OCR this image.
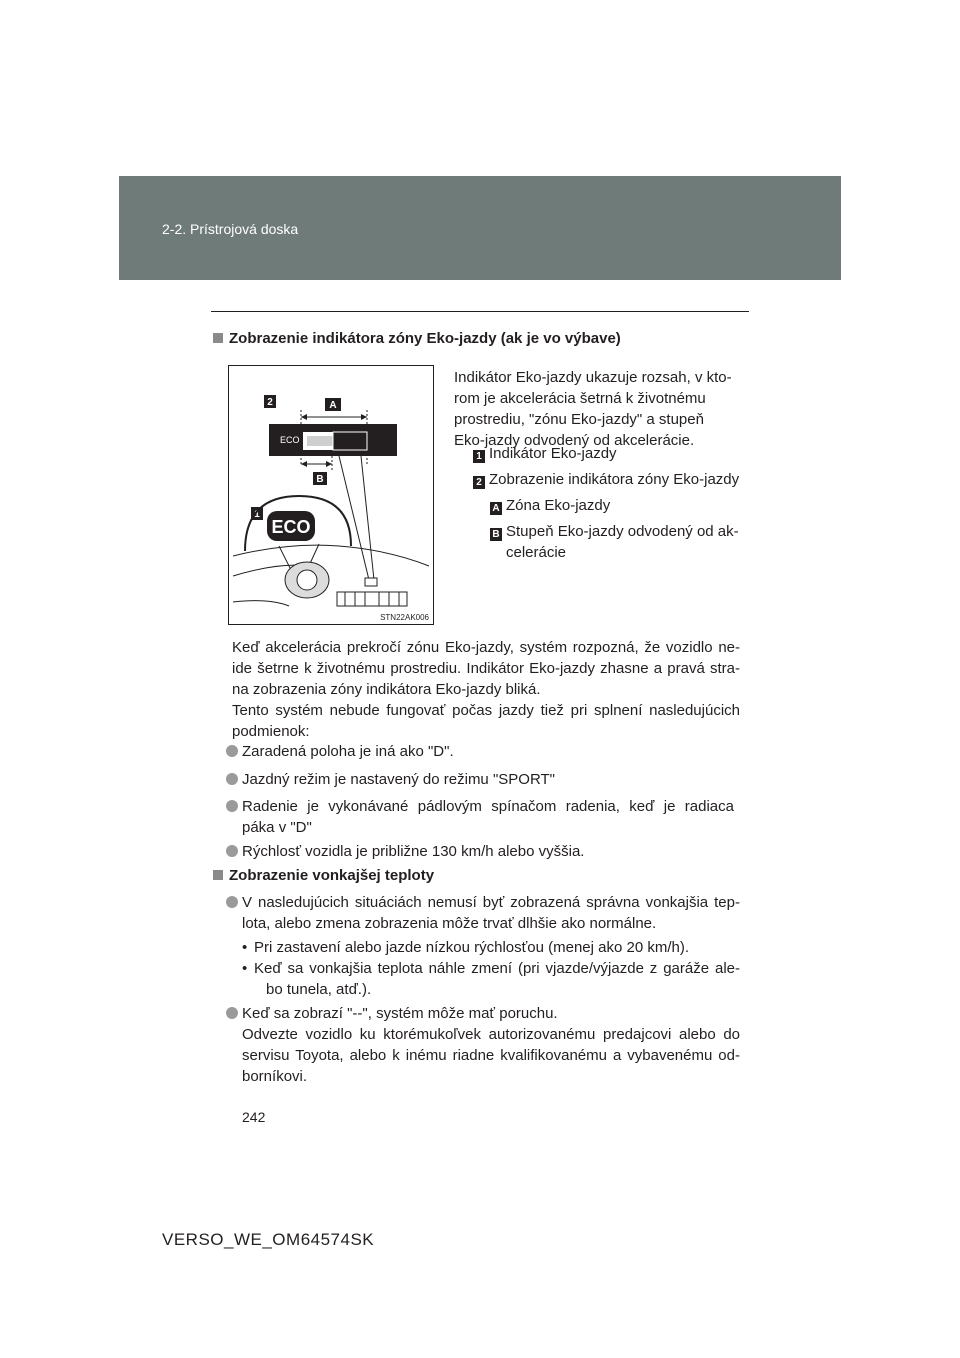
2-2. Prístrojová doska
Zobrazenie indikátora zóny Eko-jazdy (ak je vo výbave)
2	A
ECO
B
1
ECO
STN22AK006
Indikátor Eko-jazdy ukazuje rozsah, v kto-
rom je akcelerácia šetrná k životnému
prostrediu, "zónu Eko-jazdy" a stupeň
Eko-jazdy odvodený od akcelerácie.
1 Indikátor Eko-jazdy
2 Zobrazenie indikátora zóny Eko-jazdy
A Zóna Eko-jazdy
B Stupeň Eko-jazdy odvodený od ak-
celerácie
Keď akcelerácia prekročí zónu Eko-jazdy, systém rozpozná, že vozidlo ne-
ide šetrne k životnému prostrediu. Indikátor Eko-jazdy zhasne a pravá stra-
na zobrazenia zóny indikátora Eko-jazdy bliká.
Tento systém nebude fungovať počas jazdy tiež pri splnení nasledujúcich
podmienok:
Zaradená poloha je iná ako "D".
Jazdný režim je nastavený do režimu "SPORT"
Radenie je vykonávané pádlovým spínačom radenia, keď je radiaca
páka v "D"
Rýchlosť vozidla je približne 130 km/h alebo vyššia.
Zobrazenie vonkajšej teploty
V nasledujúcich situáciách nemusí byť zobrazená správna vonkajšia tep-
lota, alebo zmena zobrazenia môže trvať dlhšie ako normálne.
• Pri zastavení alebo jazde nízkou rýchlosťou (menej ako 20 km/h).
• Keď sa vonkajšia teplota náhle zmení (pri vjazde/výjazde z garáže ale-
bo tunela, atď.).
Keď sa zobrazí "--", systém môže mať poruchu.
Odvezte vozidlo ku ktorémukoľvek autorizovanému predajcovi alebo do
servisu Toyota, alebo k inému riadne kvalifikovanému a vybavenému od-
borníkovi.
242
VERSO_WE_OM64574SK
